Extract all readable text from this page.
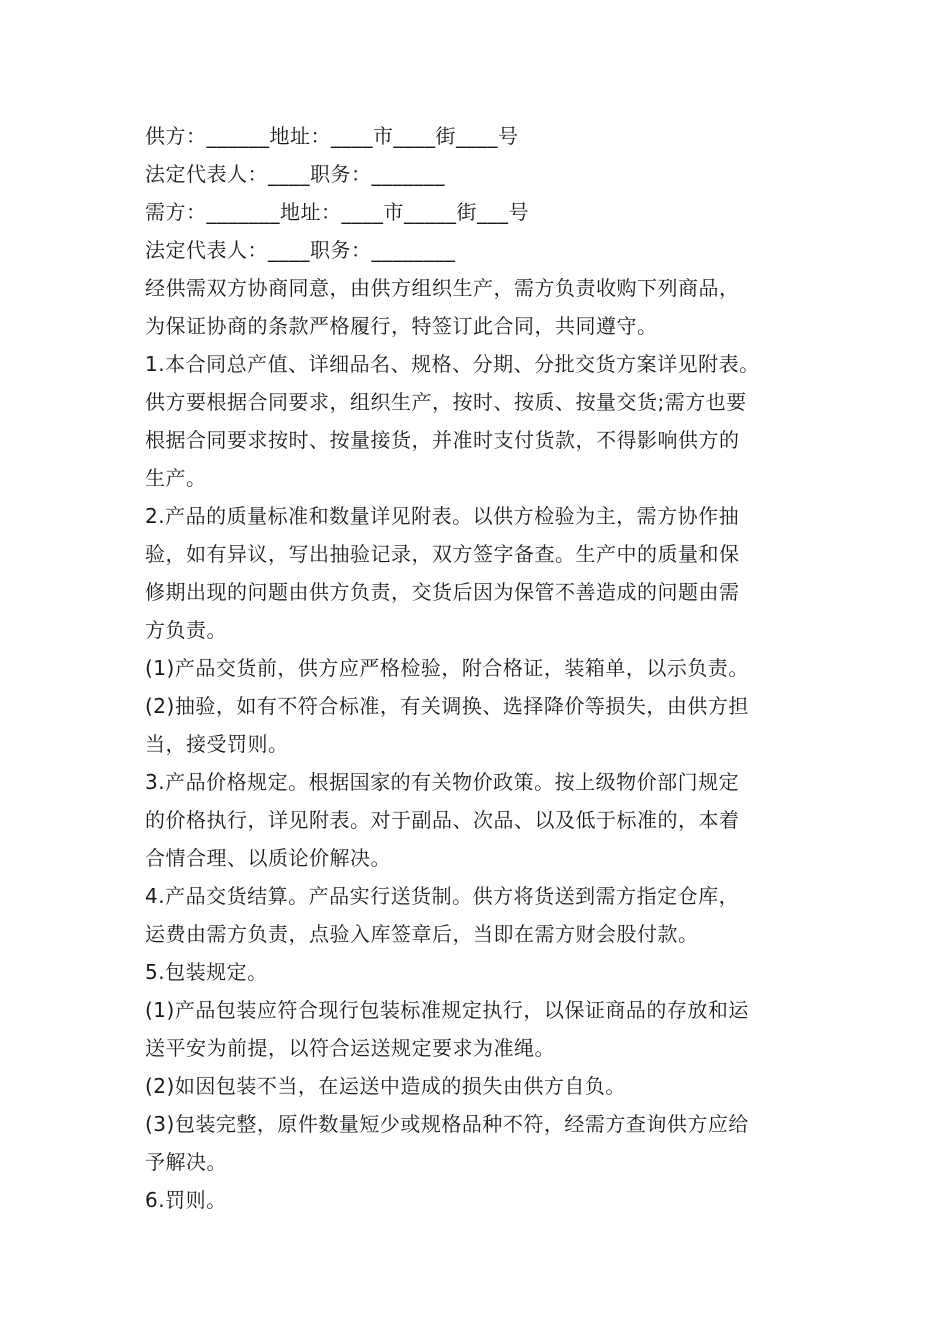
供方：______地址：____市____街____号
法定代表人：____职务：_______
需方：_______地址：____市_____街___号
法定代表人：____职务：________
经供需双方协商同意，由供方组织生产，需方负责收购下列商品，
为保证协商的条款严格履行，特签订此合同，共同遵守。
1.本合同总产值、详细品名、规格、分期、分批交货方案详见附表。
供方要根据合同要求，组织生产，按时、按质、按量交货;需方也要
根据合同要求按时、按量接货，并准时支付货款，不得影响供方的
生产。
2.产品的质量标准和数量详见附表。以供方检验为主，需方协作抽
验，如有异议，写出抽验记录，双方签字备查。生产中的质量和保
修期出现的问题由供方负责，交货后因为保管不善造成的问题由需
方负责。
(1)产品交货前，供方应严格检验，附合格证，装箱单，以示负责。
(2)抽验，如有不符合标准，有关调换、选择降价等损失，由供方担
当，接受罚则。
3.产品价格规定。根据国家的有关物价政策。按上级物价部门规定
的价格执行，详见附表。对于副品、次品、以及低于标准的，本着
合情合理、以质论价解决。
4.产品交货结算。产品实行送货制。供方将货送到需方指定仓库，
运费由需方负责，点验入库签章后，当即在需方财会股付款。
5.包装规定。
(1)产品包装应符合现行包装标准规定执行，以保证商品的存放和运
送平安为前提，以符合运送规定要求为准绳。
(2)如因包装不当，在运送中造成的损失由供方自负。
(3)包装完整，原件数量短少或规格品种不符，经需方查询供方应给
予解决。
6.罚则。
